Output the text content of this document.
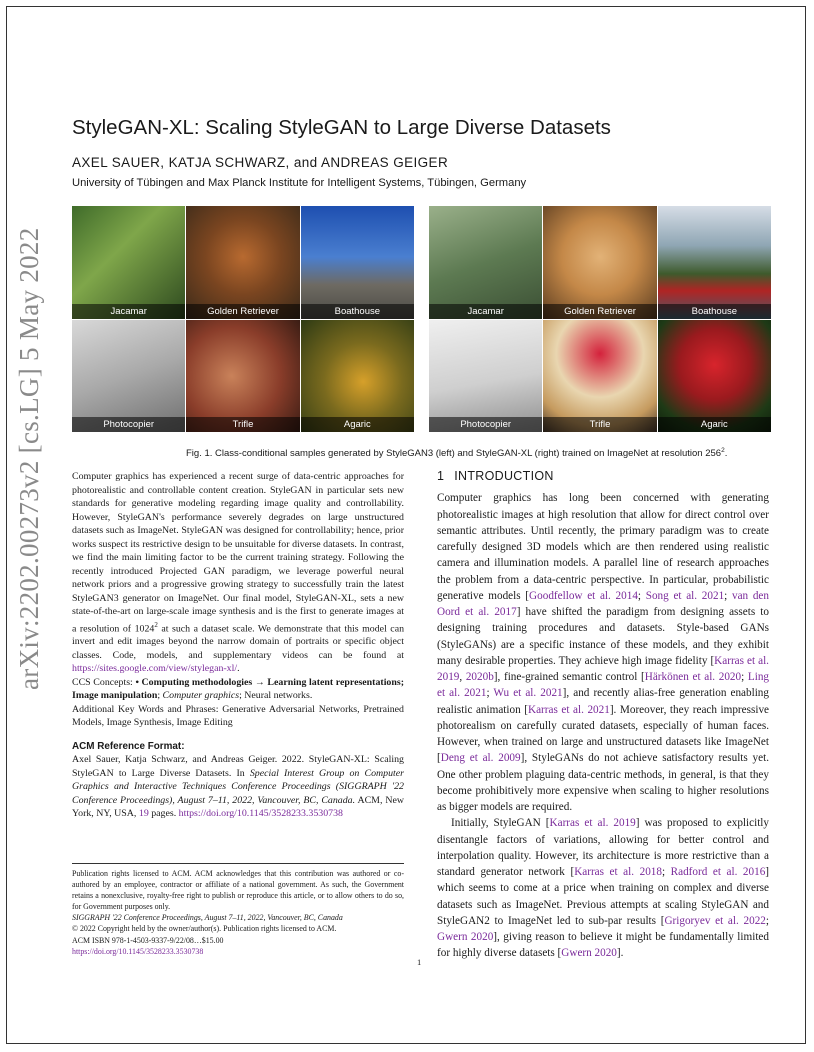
arXiv:2202.00273v2 [cs.LG] 5 May 2022
StyleGAN-XL: Scaling StyleGAN to Large Diverse Datasets
AXEL SAUER, KATJA SCHWARZ, and ANDREAS GEIGER
University of Tübingen and Max Planck Institute for Intelligent Systems, Tübingen, Germany
Jacamar	Golden Retriever	Boathouse
Photocopier	Trifle	Agaric
Jacamar	Golden Retriever	Boathouse
Photocopier	Trifle	Agaric
Fig. 1. Class-conditional samples generated by StyleGAN3 (left) and StyleGAN-XL (right) trained on ImageNet at resolution $256^2$.

Computer graphics has experienced a recent surge of data-centric approaches for photorealistic and controllable content creation. StyleGAN in particular sets new standards for generative modeling regarding image quality and controllability. However, StyleGAN's performance severely degrades on large unstructured datasets such as ImageNet. StyleGAN was designed for controllability; hence, prior works suspect its restrictive design to be unsuitable for diverse datasets. In contrast, we find the main limiting factor to be the current training strategy. Following the recently introduced Projected GAN paradigm, we leverage powerful neural network priors and a progressive growing strategy to successfully train the latest StyleGAN3 generator on ImageNet. Our final model, StyleGAN-XL, sets a new state-of-the-art on large-scale image synthesis and is the first to generate images at a resolution of 1024$^2$ at such a dataset scale. We demonstrate that this model can invert and edit images beyond the narrow domain of portraits or specific object classes. Code, models, and supplementary videos can be found at https://sites.google.com/view/stylegan-xl/.

CCS Concepts: • Computing methodologies → Learning latent representations; Image manipulation; Computer graphics; Neural networks.

Additional Key Words and Phrases: Generative Adversarial Networks, Pretrained Models, Image Synthesis, Image Editing

ACM Reference Format:

Axel Sauer, Katja Schwarz, and Andreas Geiger. 2022. StyleGAN-XL: Scaling StyleGAN to Large Diverse Datasets. In Special Interest Group on Computer Graphics and Interactive Techniques Conference Proceedings (SIGGRAPH '22 Conference Proceedings), August 7–11, 2022, Vancouver, BC, Canada. ACM, New York, NY, USA, 19 pages. https://doi.org/10.1145/3528233.3530738

Publication rights licensed to ACM. ACM acknowledges that this contribution was authored or co-authored by an employee, contractor or affiliate of a national government. As such, the Government retains a nonexclusive, royalty-free right to publish or reproduce this article, or to allow others to do so, for Government purposes only.

SIGGRAPH '22 Conference Proceedings, August 7–11, 2022, Vancouver, BC, Canada

© 2022 Copyright held by the owner/author(s). Publication rights licensed to ACM.

ACM ISBN 978-1-4503-9337-9/22/08…$15.00

https://doi.org/10.1145/3528233.3530738

1 INTRODUCTION

Computer graphics has long been concerned with generating photorealistic images at high resolution that allow for direct control over semantic attributes. Until recently, the primary paradigm was to create carefully designed 3D models which are then rendered using realistic camera and illumination models. A parallel line of research approaches the problem from a data-centric perspective. In particular, probabilistic generative models [Goodfellow et al. 2014; Song et al. 2021; van den Oord et al. 2017] have shifted the paradigm from designing assets to designing training procedures and datasets. Style-based GANs (StyleGANs) are a specific instance of these models, and they exhibit many desirable properties. They achieve high image fidelity [Karras et al. 2019, 2020b], fine-grained semantic control [Härkönen et al. 2020; Ling et al. 2021; Wu et al. 2021], and recently alias-free generation enabling realistic animation [Karras et al. 2021]. Moreover, they reach impressive photorealism on carefully curated datasets, especially of human faces. However, when trained on large and unstructured datasets like ImageNet [Deng et al. 2009], StyleGANs do not achieve satisfactory results yet. One other problem plaguing data-centric methods, in general, is that they become prohibitively more expensive when scaling to higher resolutions as bigger models are required.

Initially, StyleGAN [Karras et al. 2019] was proposed to explicitly disentangle factors of variations, allowing for better control and interpolation quality. However, its architecture is more restrictive than a standard generator network [Karras et al. 2018; Radford et al. 2016] which seems to come at a price when training on complex and diverse datasets such as ImageNet. Previous attempts at scaling StyleGAN and StyleGAN2 to ImageNet led to sub-par results [Grigoryev et al. 2022; Gwern 2020], giving reason to believe it might be fundamentally limited for highly diverse datasets [Gwern 2020].

1
